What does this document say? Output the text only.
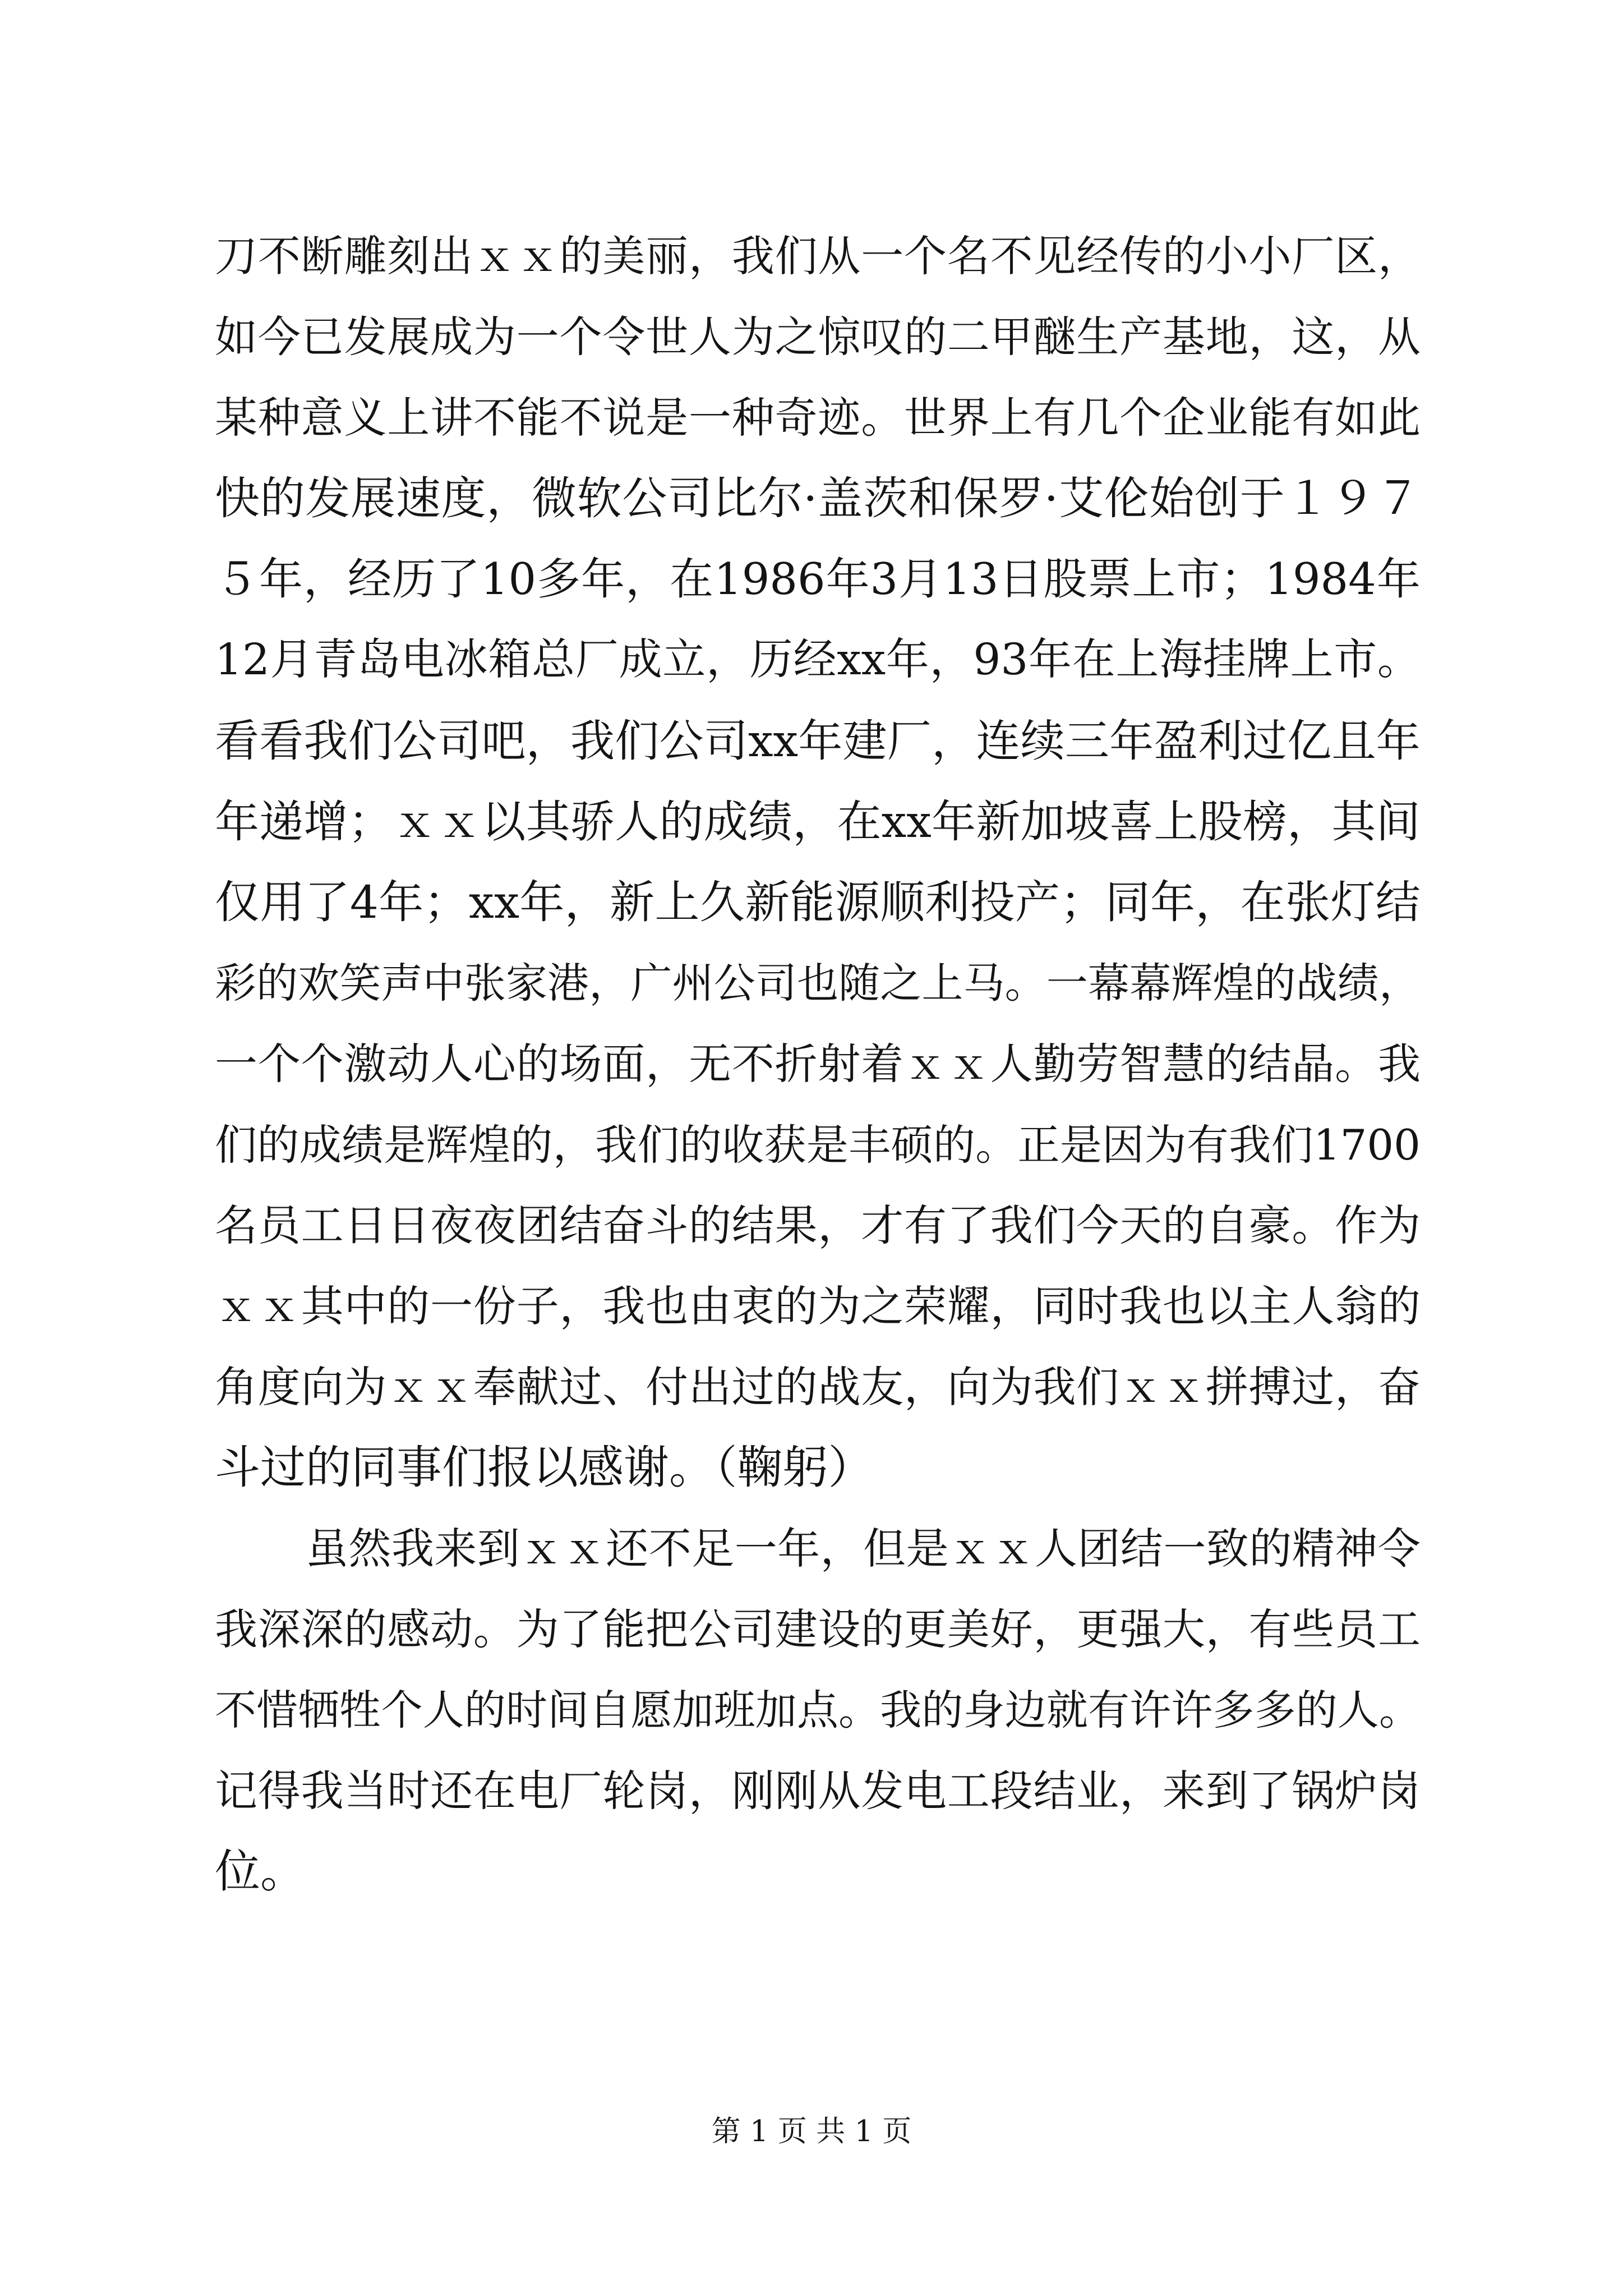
刀 不 断 雕 刻 出 ｘ ｘ 的 美 丽 ， 我 们 从 一 个 名 不 见 经 传 的 小 小 厂 区 ，
如 今 已 发 展 成 为 一 个 令 世 人 为 之 惊 叹 的 二 甲 醚 生 产 基 地 ， 这 ， 从
某 种 意 义 上 讲 不 能 不 说 是 一 种 奇 迹 。 世 界 上 有 几 个 企 业 能 有 如 此
快 的 发 展 速 度 ， 微 软 公 司 比 尔 · 盖 茨 和 保 罗 · 艾 伦 始 创 于 １ ９ ７
５ 年 ， 经 历 了 10 多 年 ， 在 1986 年 3 月 13 日 股 票 上 市 ； 1984 年
12 月 青 岛 电 冰 箱 总 厂 成 立 ， 历 经 xx 年 ， 93 年 在 上 海 挂 牌 上 市 。
看 看 我 们 公 司 吧 ， 我 们 公 司 xx 年 建 厂 ， 连 续 三 年 盈 利 过 亿 且 年
年 递 增 ； ｘ ｘ 以 其 骄 人 的 成 绩 ， 在 xx 年 新 加 坡 喜 上 股 榜 ， 其 间
仅 用 了 4 年 ； xx 年 ， 新 上 久 新 能 源 顺 利 投 产 ； 同 年 ， 在 张 灯 结
彩 的 欢 笑 声 中 张 家 港 ， 广 州 公 司 也 随 之 上 马 。 一 幕 幕 辉 煌 的 战 绩 ，
一 个 个 激 动 人 心 的 场 面 ， 无 不 折 射 着 ｘ ｘ 人 勤 劳 智 慧 的 结 晶 。 我
们 的 成 绩 是 辉 煌 的 ， 我 们 的 收 获 是 丰 硕 的 。 正 是 因 为 有 我 们 1700
名 员 工 日 日 夜 夜 团 结 奋 斗 的 结 果 ， 才 有 了 我 们 今 天 的 自 豪 。 作 为
ｘ ｘ 其 中 的 一 份 子 ， 我 也 由 衷 的 为 之 荣 耀 ， 同 时 我 也 以 主 人 翁 的
角 度 向 为 ｘ ｘ 奉 献 过 、 付 出 过 的 战 友 ， 向 为 我 们 ｘ ｘ 拼 搏 过 ， 奋
斗过的同事们报以感谢。（鞠躬）
虽 然 我 来 到 ｘ ｘ 还 不 足 一 年 ， 但 是 ｘ ｘ 人 团 结 一 致 的 精 神 令
我 深 深 的 感 动 。 为 了 能 把 公 司 建 设 的 更 美 好 ， 更 强 大 ， 有 些 员 工
不 惜 牺 牲 个 人 的 时 间 自 愿 加 班 加 点 。 我 的 身 边 就 有 许 许 多 多 的 人 。
记 得 我 当 时 还 在 电 厂 轮 岗 ， 刚 刚 从 发 电 工 段 结 业 ， 来 到 了 锅 炉 岗
位。
第 1 页 共 1 页
